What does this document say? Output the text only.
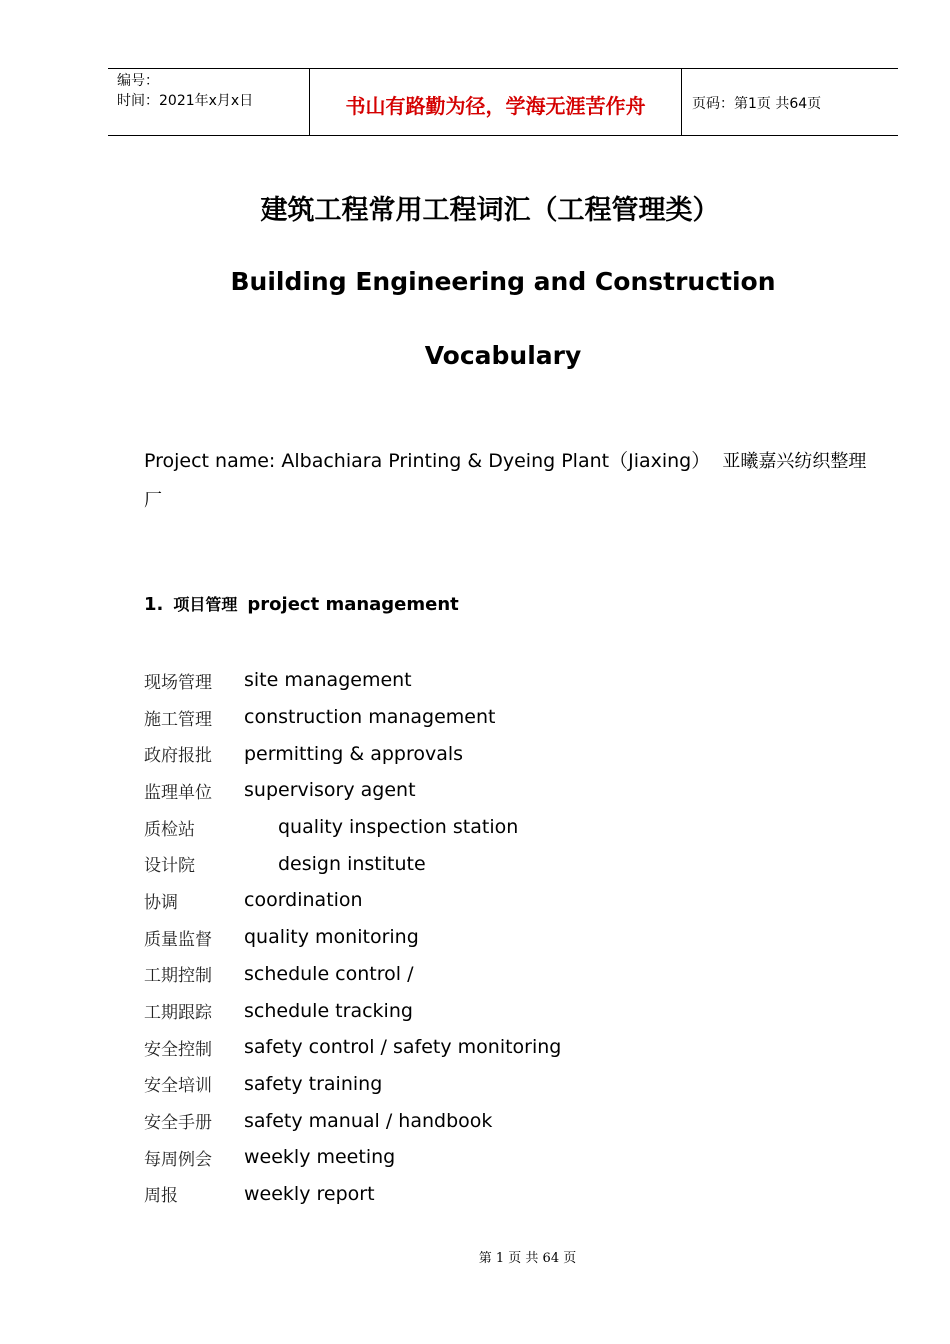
编号：
时间：2021年x月x日	书山有路勤为径，学海无涯苦作舟	页码：第1页 共64页
建筑工程常用工程词汇（工程管理类）
Building Engineering and Construction
Vocabulary
Project name: Albachiara Printing & Dyeing Plant（Jiaxing） 亚曦嘉兴纺织整理厂
1. 项目管理 project management
现场管理	site management
施工管理	construction management
政府报批	permitting & approvals
监理单位	supervisory agent
质检站	quality inspection station
设计院	design institute
协调	coordination
质量监督	quality monitoring
工期控制	schedule control /
工期跟踪	schedule tracking
安全控制	safety control / safety monitoring
安全培训	safety training
安全手册	safety manual / handbook
每周例会	weekly meeting
周报	weekly report
第 1 页 共 64 页
